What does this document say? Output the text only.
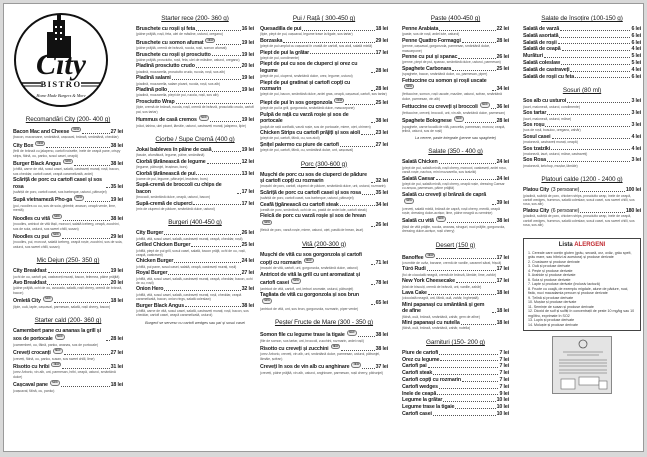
City
BISTRO
Home Made Burgers & More
Recomandări City (200- 400 g)
Bacon Mac and Cheese NEW	27 lei
(bacon, macaroane, smântână, cașcaval, brânză, smântână, cheddar)
City Box NEW	38 lei
(felii de brânză cu jalapeno, cartofi noisette, inele de ceapă pane, crispy strips, făină, ou, panko, sosul casei, ceapă)
Burger Black Angus NEW	38 lei
(chiflă, carne de vită, sosul casei, salată, castraveți murați, roșii, bacon, sos cheddar, cartofi casei, ceapă caramelizată, ardei)
Scăriță de porc cu cartofi casei și sos rosa	35 lei
(scăriță de porc, cartofi casei, sos barbeque, usturoi, pătrunjel)
Supă vietnameză Pho-ga NEW	19 lei
(pui, noodles cu ou, sos de soia, ghimbir, anason, ceapă verde, lime, mentă)
Noodles cu vită NEW	38 lei
(noodles, antricot de vită fâșii, morcovi, salată iceberg, ceapă, zucchini, sos de soia, usturoi, sos sweet chilli, susan)
Noodles cu pui NEW	29 lei
(noodles, pui, morcovi, salată iceberg, ceapă roșie, zucchini, sos de soia, usturoi, sos sweet chilli, susan)
Mic Dejun (250- 350 g)
City Breakfast	19 lei
(ochi de ou, cartofi pai, castraveți murați, bacon, telemea, pâine prăjită)
Avo Breakfast	20 lei
(pâine prăjită, ochi de ou, avocado, salată, roșii cherry, cremă de brânză, bacon)
Omletă City NEW	18 lei
(lipie, ouă, lapte, cașcaval, parmesan, salată, roșii cherry, bacon)
Starter cald (200- 360 g)
Camembert pane cu ananas la grill și sos de portocale NEW	28 lei
(camembert, ou, făină, panko, ananas, sos de portocale)
Creveți crocanți NEW	27 lei
(creveți, făină, ou, panko, susan, sos sweet chilli, lime)
Risotto cu hribi NEW	31 lei
(orez Arborio, vin alb, unt, parmesan, hribi, ceapă, usturoi, smântână dulce)
Cașcaval pane NEW	18 lei
(cașcaval, făină, ou, panko)
Starter rece (200- 360 g)
Bruschete cu roșii și feta	16 lei
(pâine prăjită, roșii, feta, ulei de măsline, usturoi, oregano)
Bruschete cu somon afumat NEW	19 lei
(pâine prăjită, cremă de brânză, rucola, roșii, somon afumat)
Bruschete cu roșii și prosciutto	19 lei
(pâine prăjită, prosciutto, roșii, feta, ulei de măsline, usturoi, oregano)
Piadină prosciutto crudo	20 lei
(piadină, mozzarella, prosciutto crudo, rucola, roșii, sos alb)
Piadină salami	19 lei
(piadină, mozzarella, salam picant, rucola, roșii, sos alb)
Piadină pollo	19 lei
(piadină, mozzarella, piept de pui, rucola, roșii, sos alb)
Prosciutto Wrap
(lipie, cremă de brânză, rucola, roșii, cremă de brânză, prosciutto crudo, cartofi pai, sos tartar)
Hummus de casă cremos NEW	19 lei
(năut, tahina, ulei picant, lămâie, usturoi, castraveți murați, jalapeno, lipie)
Ciorbe / Supe Cremă (400 g)
Jokai bableves în pâine de casă	19 lei
(fasole, afumătură, legume, pâine, smântână)
Ciorbă țărănească de legume	12 lei
(legume, pătrunjel, leuștean, bors)
Ciorbă țărănească de pui	13 lei
(carne de pui, legume, pătrunjel, leuștean, bors)
Supă-cremă de broccoli cu chips de bacon	17 lei
(broccoli, smântână dulce, ceapă, usturoi, bacon)
Supă-cremă de ciuperci	17 lei
(mix de ciuperci de pădure, smântână dulce, usturoi)
Burgeri (400-450 g)
City Burger	26 lei
(chiflă, vită, sosul casei, salată, castraveți murați, ceapă, cheddar, roșii)
Grilled Chicken Burger	25 lei
(chiflă, piept de pui grill, sosul casei, salată, bacon prăjit, ochi de ou, roșii, ceapă, castraveți)
Chicken Burger	24 lei
(chiflă, pui pane, sosul casei, salată, ceapă, castraveți murați, roșii)
Royal Burger	27 lei
(chiflă, vită, sosul casei, salată, castraveți murați, ceapă, cheddar, bacon, ochi de ou, roșii)
Onion Hero	32 lei
(chiflă, vită, sosul casei, salată, castraveți murați, roșii, cheddar, ceapă caramelizată, bacon, onion rings, salată coleslaw)
Burger Black Angus	38 lei
(chiflă, carne de vită, sosul casei, salată, castraveți murați, roșii, bacon, sos cheddar, cartofi casei, ceapă caramelizată, usturoi)
Burgerii se servesc cu cartofi wedges sau pai și sosul casei
Pui / Rață ( 300-450 g)
Quesadilla de pui	18 lei
(lipie, piept de pui, cașcaval, legume trase la tigaie, sos tartar)
Borzaska	29 lei
(piept de pui umplut cu cașcaval în crustă de cartofi, sos aioli, salată mixtă)
Piept de pui la grătar	17 lei
(piept de pui, condimente)
Piept de pui cu sos de ciuperci și orez cu legume	28 lei
(piept de pui, ciuperci, smântână dulce, orez, legume, usturoi)
Piept de pui gratinat și cartofi copți cu rozmarin	28 lei
(piept de pui, bacon, smântână dulce, ardei gras, ceapă, cașcaval, cartofi, sos tartar)
Piept de pui în sos gorgonzola NEW	25 lei
(piept de pui la grill, gorgonzola, smântână dulce, mascarpone)
Pulpă de rață cu varză roșie și sos de portocale	38 lei
(pulpă de rață confiată, varză roșie, sos de portocale, miere, oțet, chimen)
Chicken Strips cu cartofi prăjiți și sos aioli	23 lei
(piept de pui, cartofi, făină, ou, sos aioli)
Șnițel palermo cu piure de cartofi	27 lei
(piept de pui, cartofi, făină, ou, smântână dulce, unt, cașcaval)
Porc (300-600 g)
Mușchi de porc cu sos de ciuperci de pădure și cartofi copți cu rozmarin	32 lei
(mușchi de porc, cartofi, ciuperci de pădure, smântână dulce, unt, usturoi, rozmarin)
Scăriță de porc cu cartofi casei și sos rosa	35 lei
(scăriță de porc, cartofi casei, sos barbeque, usturoi, pătrunjel)
Ceafă țigănească cu cartofi steak	34 lei
(ceafă de porc, smântână, ochi de ou, pastă de ardei iute, cartofi steak)
Fleică de porc cu varză roșie și sos de hreanNEW	26 lei
(fleică de porc, varză roșie, miere, usturoi, oțet, pastă de hrean, lauri)
Vită (200-300 g)
Mușchi de vită cu sos gorgonzola și cartofi copți cu rozmarin NEW	71 lei
(mușchi de vită, cartofi, unt, gorgonzola, smântână dulce, usturoi)
Antricot de vită la grill cu unt aromatizat și cartofi casei NEW	78 lei
(antricot de vită, cartofi, unt, ierburi aromate, usturoi, pătrunjel)
Tagliata de vită cu gorgonzola și sos brunNEW	65 lei
(antricot de vită, unt, sos brun, gorgonzola, rozmarin, piper verde)
Pește/ Fructe de Mare (300 - 350 g)
Somon file cu legume trase la tigaie NEW	38 lei
(file de somon, sos tartar, unt, broccoli, zucchini, rozmarin, ardei roșii)
Risotto cu creveți și zucchini NEW	38 lei
(orez Arborio, creveți, vin alb, unt, smântână dulce, parmesan, usturoi, pătrunjel, lămâie, șofran)
Creveți în sos de vin alb cu anghinare NEW	37 lei
(creveți, pâine prăjită, vin alb, usturoi, anghinare, parmesan, roșii cherry, pătrunjel)
Paste (400-450 g)
Penne Arabiata	22 lei
(paste, sos de roșii, ardei iute, usturoi)
Penne Quattro Formaggi	28 lei
(penne, cașcaval, gorgonzola, parmesan, smântână dulce, mascarpone)
Penne cu pui și spanac	26 lei
(penne, piept de pui, spanac, smântână dulce, usturoi, parmesan)
Spaghete Carbonara	25 lei
(spaghete, bacon, smântână dulce, ou, parmesan, piper)
Fettuccine cu somon și roșii uscateNEW	34 lei
(fettuccine, somon, roșii uscate, mazăre, usturoi, sofran, smântână dulce, parmesan, vin alb)
Fettuccine cu creveți și broccoli NEW	36 lei
(fettuccine, creveți, broccoli, unt, vin alb, smântână dulce, parmesan)
Spaghete Bolognese NEW	28 lei
(spaghete, carne tocată de vită, pancetta, parmesan, morcov, ceapă, țelină, usturoi, sos de roșii)
La cerere, paste integrale (penne sau spaghete)
Salate (350 - 400 g)
Salată Chicken	24 lei
(piept de pui, salată mixtă, roșii cherry, morcovi, castraveți, ardei roșu, varză roșie, nachos, mini mozzarella, sos tzatziki)
Salată Caesar	24 lei
(piept de pui, salată mixtă, roșii cherry, ceapă roșie, dressing Caesar cu anșoa, parmesan, pâine prăjită)
Salată cu creveți și brânză de caprăNEW	39 lei
(creveți, salată mixtă, brânză de capră, roșii cherry, mentă, ceapă roșie, dressing dulce-acrișor, lime, pâine neagră cu semințe)
Salată cu vită NEW	38 lei
(fâșii de vită prăjite, rucola, ananas, struguri, nuci prăjite, gorgonzola, dressing dulce-acrișor, roșii cherry)
Desert (150 g)
Banoffee NEW	17 lei
(crumble de ovăz, banane, cremă de vanilie, caramel sărat, frișcă)
Túró Rudi	17 lei
(foi de ciocolată neagră, cremă de brânză, lămâie, lime, zahăr)
New York Cheesecake	17 lei
(blat de biscuiți, cremă de brânză, unt, vanilie, zahăr)
Lava Cake	18 lei
(ciocolată neagră, unt, făină, ouă, zahăr, înghețată)
Mini papanași cu smântână și gem de afine	18 lei
(făină, ouă, brânză, smântână, zahăr, gem de afine)
Mini papanași cu nutella	18 lei
(făină, ouă, brânză, smântână, zahăr, nutella)
Garnituri (150- 200 g)
Piure de cartofi	7 lei
Orez cu legume	7 lei
Cartofi pai	7 lei
Cartofi steak	7 lei
Cartofi copți cu rozmarin	7 lei
Cartofi wedges	7 lei
Inele de ceapă	9 lei
Legume la grătar	10 lei
Legume trase la tigaie	10 lei
Cartofi casei	10 lei
Salate de însoțire (100-150 g)
Salată de varză	6 lei
Salată asortată	6 lei
Salată de roșii	6 lei
Salată de ceapă	4 lei
Murături	5 lei
Salată coleslaw	5 lei
Salată de castraveți	4 lei
Salată de roșii cu feta	6 lei
Sosuri (80 ml)
Sos alb cu usturoi	3 lei
(iaurt, maioneză, usturoi, condimente)
Sos tartar	3 lei
(iaurt, maioneză, usturoi, mărar)
Sos roșu	3 lei
(sos de roșii, busuioc, oregano, zahăr)
Sosul casei	4 lei
(maioneză, castraveți murați, ceapă)
Sos tzatziki	4 lei
(maioneză, iaurt, usturoi, mărar, castraveți)
Sos Rosa	3 lei
(maioneză, ketchup, muștar, lămâie)
Platouri calde (1200 - 2400 g)
Platou City (3 persoane)	100 lei
(piadină, scăriță de porc, chicken strips, prosciutto wrap, inele de ceapă, cartofi wedges, hummus, salată coleslaw, sosul casei, sos sweet chilli, sos rosa, sos alb)
Platou City (6 persoane)	180 lei
(piadină, scăriță de porc, chicken strips, prosciutto wrap, inele de ceapă, cartofi wedges, hummus, salată coleslaw, sosul casei, sos sweet chilli, sos rosa, sos alb)
Lista ALERGENI
1. Cereale care conțin gluten (grâu, secară, orz, ovăz, grâu spelt, grâu mare, sau hibrizi ai acestora) și produse derivate
2. Crustacee și produse derivate
3. Ouă și produse derivate
4. Pește și produse derivate
5. Arahide și produse derivate
6. Soia și produse derivate
7. Lapte și produse derivate (inclusiv lactoză)
8. Fructe cu coajă, de exemplu migdale, alune de pădure, nuci, fistic, nuci macadamia precum și produse derivate
9. Țelină și produse derivate
10. Muștar și produse derivate
11. Semințe de susan și produse derivate
12. Dioxid de sulf și sulfiți în concentrații de peste 10 mg/kg sau 10 mg/litru, exprimate în SO2
13. Lupin și produse derivate
14. Moluște și produse derivate
